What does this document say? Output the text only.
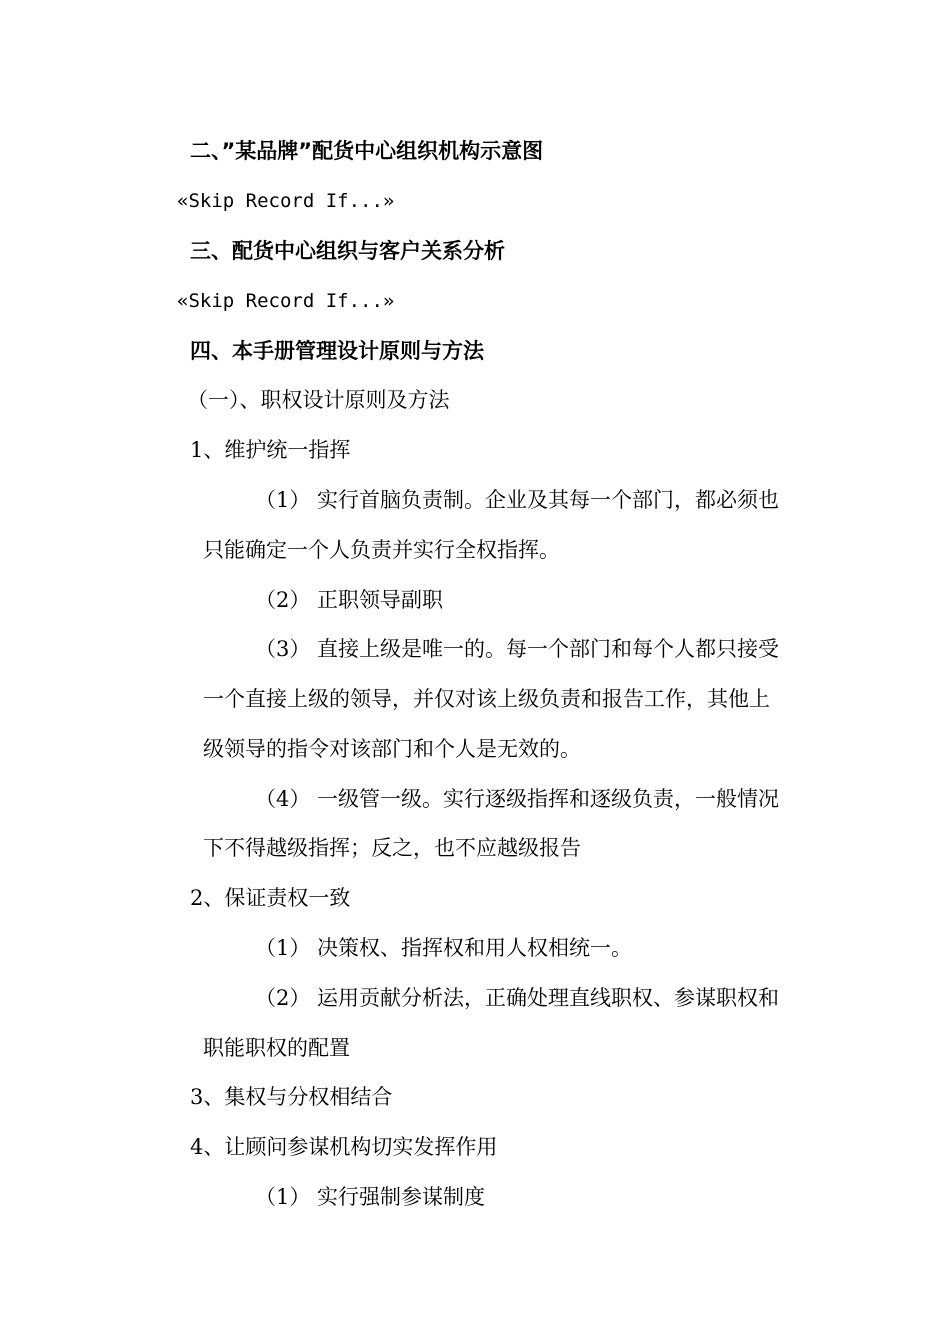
二、”某品牌”配货中心组织机构示意图
«Skip Record If...»
三、配货中心组织与客户关系分析
«Skip Record If...»
四、本手册管理设计原则与方法
（一）、职权设计原则及方法
1、维护统一指挥
（1） 实行首脑负责制。企业及其每一个部门，都必须也
只能确定一个人负责并实行全权指挥。
（2） 正职领导副职
（3） 直接上级是唯一的。每一个部门和每个人都只接受
一个直接上级的领导，并仅对该上级负责和报告工作，其他上
级领导的指令对该部门和个人是无效的。
（4） 一级管一级。实行逐级指挥和逐级负责，一般情况
下不得越级指挥；反之，也不应越级报告
2、保证责权一致
（1） 决策权、指挥权和用人权相统一。
（2） 运用贡献分析法，正确处理直线职权、参谋职权和
职能职权的配置
3、集权与分权相结合
4、让顾问参谋机构切实发挥作用
（1） 实行强制参谋制度
